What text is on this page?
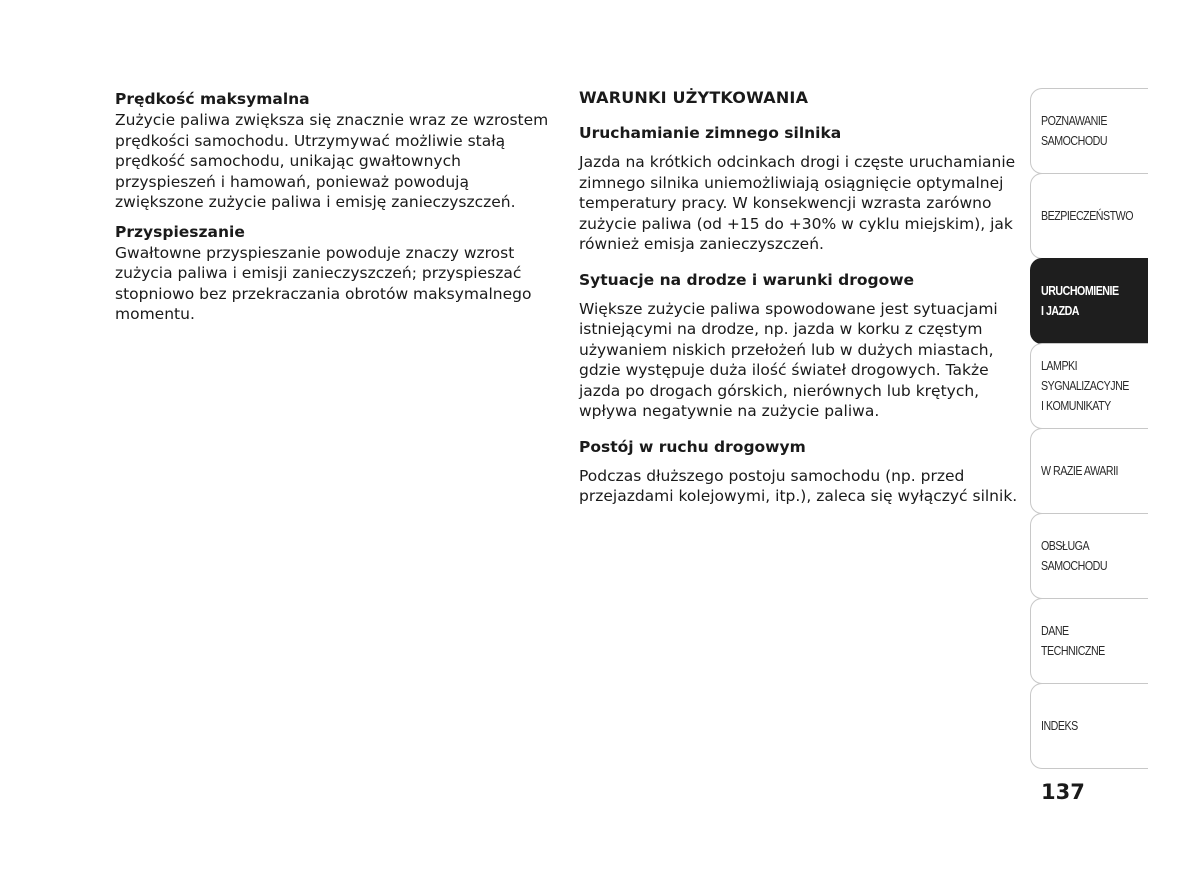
Prędkość maksymalna

Zużycie paliwa zwiększa się znacznie wraz ze wzrostem
prędkości samochodu. Utrzymywać możliwie stałą
prędkość samochodu, unikając gwałtownych
przyspieszeń i hamowań, ponieważ powodują
zwiększone zużycie paliwa i emisję zanieczyszczeń.

Przyspieszanie

Gwałtowne przyspieszanie powoduje znaczy wzrost
zużycia paliwa i emisji zanieczyszczeń; przyspieszać
stopniowo bez przekraczania obrotów maksymalnego
momentu.

WARUNKI UŻYTKOWANIA
Uruchamianie zimnego silnika

Jazda na krótkich odcinkach drogi i częste uruchamianie
zimnego silnika uniemożliwiają osiągnięcie optymalnej
temperatury pracy. W konsekwencji wzrasta zarówno
zużycie paliwa (od +15 do +30% w cyklu miejskim), jak
również emisja zanieczyszczeń.

Sytuacje na drodze i warunki drogowe

Większe zużycie paliwa spowodowane jest sytuacjami
istniejącymi na drodze, np. jazda w korku z częstym
używaniem niskich przełożeń lub w dużych miastach,
gdzie występuje duża ilość świateł drogowych. Także
jazda po drogach górskich, nierównych lub krętych,
wpływa negatywnie na zużycie paliwa.

Postój w ruchu drogowym

Podczas dłuższego postoju samochodu (np. przed
przejazdami kolejowymi, itp.), zaleca się wyłączyć silnik.

POZNAWANIE
SAMOCHODU
BEZPIECZEŃSTWO
URUCHOMIENIE
I JAZDA
LAMPKI
SYGNALIZACYJNE
I KOMUNIKATY
W RAZIE AWARII
OBSŁUGA
SAMOCHODU
DANE
TECHNICZNE
INDEKS
137
